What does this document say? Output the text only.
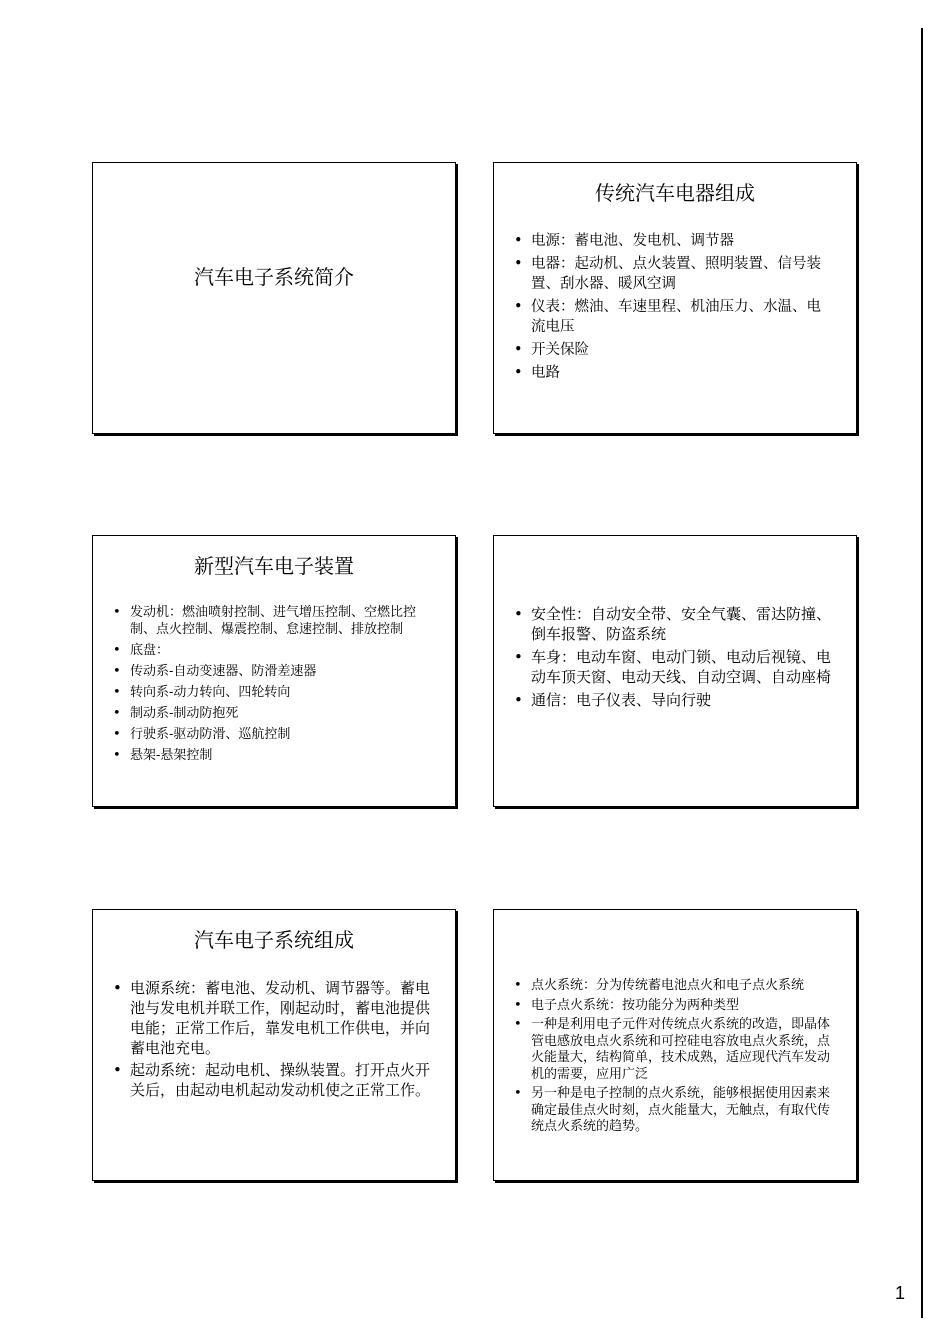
汽车电子系统简介
传统汽车电器组成
• 电源：蓄电池、发电机、调节器
• 电器：起动机、点火装置、照明装置、信号装置、刮水器、暖风空调
• 仪表：燃油、车速里程、机油压力、水温、电流电压
• 开关保险
• 电路
新型汽车电子装置
• 发动机：燃油喷射控制、进气增压控制、空燃比控制、点火控制、爆震控制、怠速控制、排放控制
• 底盘：
• 传动系-自动变速器、防滑差速器
• 转向系-动力转向、四轮转向
• 制动系-制动防抱死
• 行驶系-驱动防滑、巡航控制
• 悬架-悬架控制
• 安全性：自动安全带、安全气囊、雷达防撞、倒车报警、防盗系统
• 车身：电动车窗、电动门锁、电动后视镜、电动车顶天窗、电动天线、自动空调、自动座椅
• 通信：电子仪表、导向行驶
汽车电子系统组成
• 电源系统：蓄电池、发动机、调节器等。蓄电池与发电机并联工作，刚起动时，蓄电池提供电能；正常工作后，靠发电机工作供电，并向蓄电池充电。
• 起动系统：起动电机、操纵装置。打开点火开关后，由起动电机起动发动机使之正常工作。
• 点火系统：分为传统蓄电池点火和电子点火系统
• 电子点火系统：按功能分为两种类型
• 一种是利用电子元件对传统点火系统的改造，即晶体管电感放电点火系统和可控硅电容放电点火系统，点火能量大，结构简单，技术成熟，适应现代汽车发动机的需要，应用广泛
• 另一种是电子控制的点火系统，能够根据使用因素来确定最佳点火时刻，点火能量大，无触点，有取代传统点火系统的趋势。
1
